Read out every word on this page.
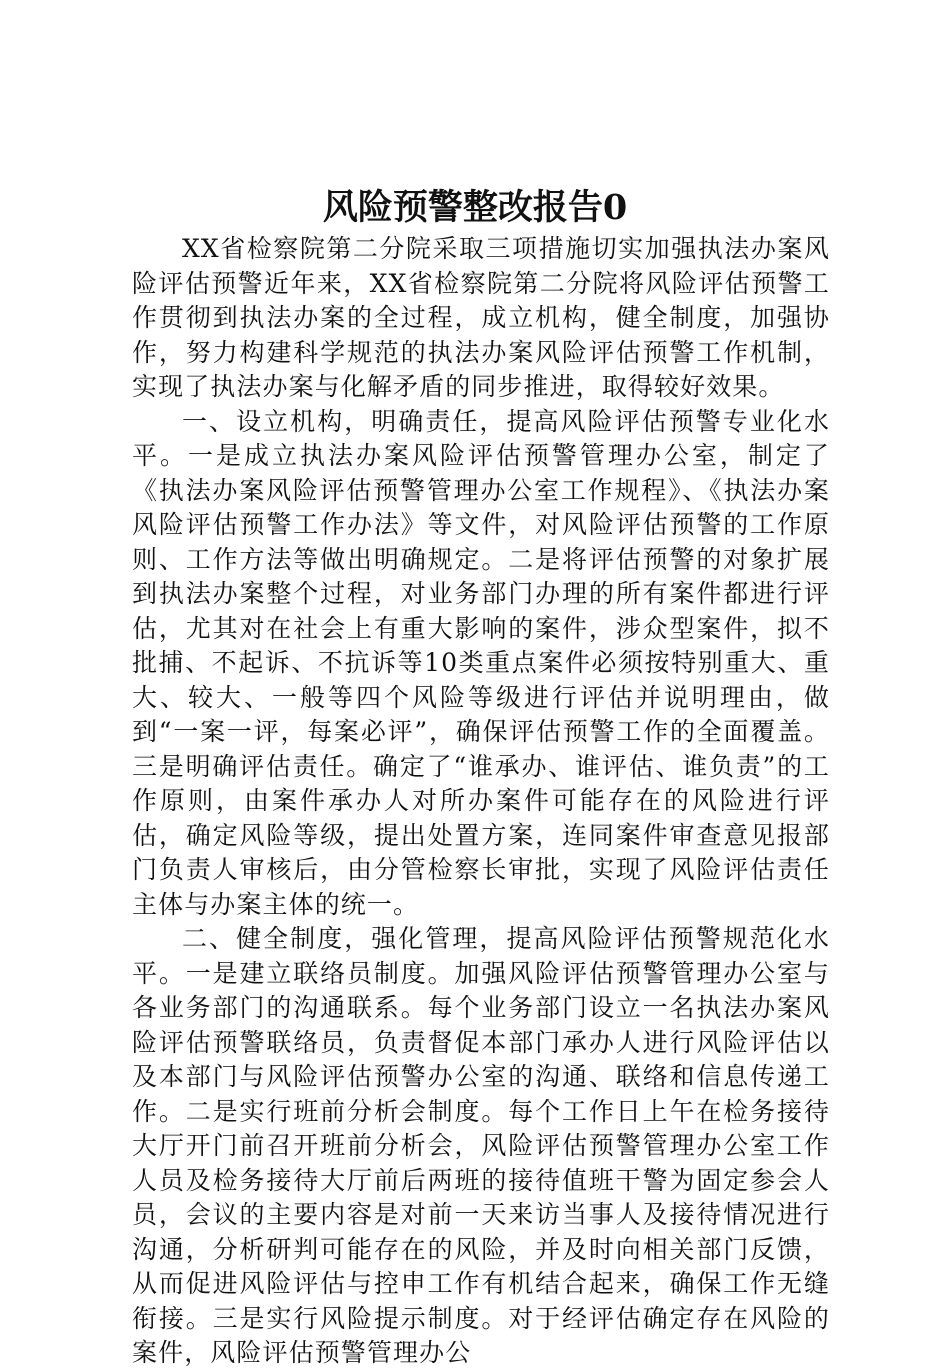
风险预警整改报告0

XX省检察院第二分院采取三项措施切实加强执法办案风险评估预警近年来，XX省检察院第二分院将风险评估预警工作贯彻到执法办案的全过程，成立机构，健全制度，加强协作，努力构建科学规范的执法办案风险评估预警工作机制，实现了执法办案与化解矛盾的同步推进，取得较好效果。

一、设立机构，明确责任，提高风险评估预警专业化水平。一是成立执法办案风险评估预警管理办公室，制定了《执法办案风险评估预警管理办公室工作规程》、《执法办案风险评估预警工作办法》等文件，对风险评估预警的工作原则、工作方法等做出明确规定。二是将评估预警的对象扩展到执法办案整个过程，对业务部门办理的所有案件都进行评估，尤其对在社会上有重大影响的案件，涉众型案件，拟不批捕、不起诉、不抗诉等10类重点案件必须按特别重大、重大、较大、一般等四个风险等级进行评估并说明理由，做到“一案一评，每案必评”，确保评估预警工作的全面覆盖。三是明确评估责任。确定了“谁承办、谁评估、谁负责”的工作原则，由案件承办人对所办案件可能存在的风险进行评估，确定风险等级，提出处置方案，连同案件审查意见报部门负责人审核后，由分管检察长审批，实现了风险评估责任主体与办案主体的统一。

二、健全制度，强化管理，提高风险评估预警规范化水平。一是建立联络员制度。加强风险评估预警管理办公室与各业务部门的沟通联系。每个业务部门设立一名执法办案风险评估预警联络员，负责督促本部门承办人进行风险评估以及本部门与风险评估预警办公室的沟通、联络和信息传递工作。二是实行班前分析会制度。每个工作日上午在检务接待大厅开门前召开班前分析会，风险评估预警管理办公室工作人员及检务接待大厅前后两班的接待值班干警为固定参会人员，会议的主要内容是对前一天来访当事人及接待情况进行沟通，分析研判可能存在的风险，并及时向相关部门反馈，从而促进风险评估与控申工作有机结合起来，确保工作无缝衔接。三是实行风险提示制度。对于经评估确定存在风险的案件，风险评估预警管理办公
